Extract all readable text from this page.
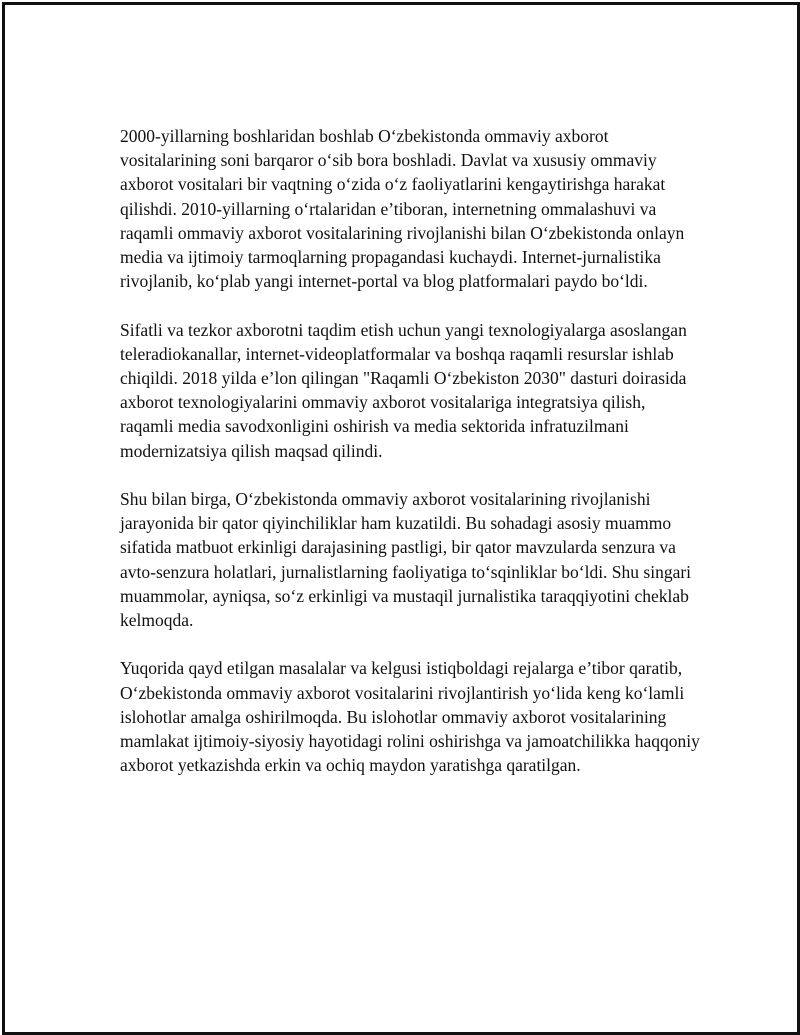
2000-yillarning boshlaridan boshlab O‘zbekistonda ommaviy axborot vositalarining soni barqaror o‘sib bora boshladi. Davlat va xususiy ommaviy axborot vositalari bir vaqtning o‘zida o‘z faoliyatlarini kengaytirishga harakat qilishdi. 2010-yillarning o‘rtalaridan e’tiboran, internetning ommalashuvi va raqamli ommaviy axborot vositalarining rivojlanishi bilan O‘zbekistonda onlayn media va ijtimoiy tarmoqlarning propagandasi kuchaydi. Internet-jurnalistika rivojlanib, ko‘plab yangi internet-portal va blog platformalari paydo bo‘ldi.

Sifatli va tezkor axborotni taqdim etish uchun yangi texnologiyalarga asoslangan teleradiokanallar, internet-videoplatformalar va boshqa raqamli resurslar ishlab chiqildi. 2018 yilda e’lon qilingan "Raqamli O‘zbekiston 2030" dasturi doirasida axborot texnologiyalarini ommaviy axborot vositalariga integratsiya qilish, raqamli media savodxonligini oshirish va media sektorida infratuzilmani modernizatsiya qilish maqsad qilindi.

Shu bilan birga, O‘zbekistonda ommaviy axborot vositalarining rivojlanishi jarayonida bir qator qiyinchiliklar ham kuzatildi. Bu sohadagi asosiy muammo sifatida matbuot erkinligi darajasining pastligi, bir qator mavzularda senzura va avto-senzura holatlari, jurnalistlarning faoliyatiga to‘sqinliklar bo‘ldi. Shu singari muammolar, ayniqsa, so‘z erkinligi va mustaqil jurnalistika taraqqiyotini cheklab kelmoqda.

Yuqorida qayd etilgan masalalar va kelgusi istiqboldagi rejalarga e’tibor qaratib, O‘zbekistonda ommaviy axborot vositalarini rivojlantirish yo‘lida keng ko‘lamli islohotlar amalga oshirilmoqda. Bu islohotlar ommaviy axborot vositalarining mamlakat ijtimoiy-siyosiy hayotidagi rolini oshirishga va jamoatchilikka haqqoniy axborot yetkazishda erkin va ochiq maydon yaratishga qaratilgan.
